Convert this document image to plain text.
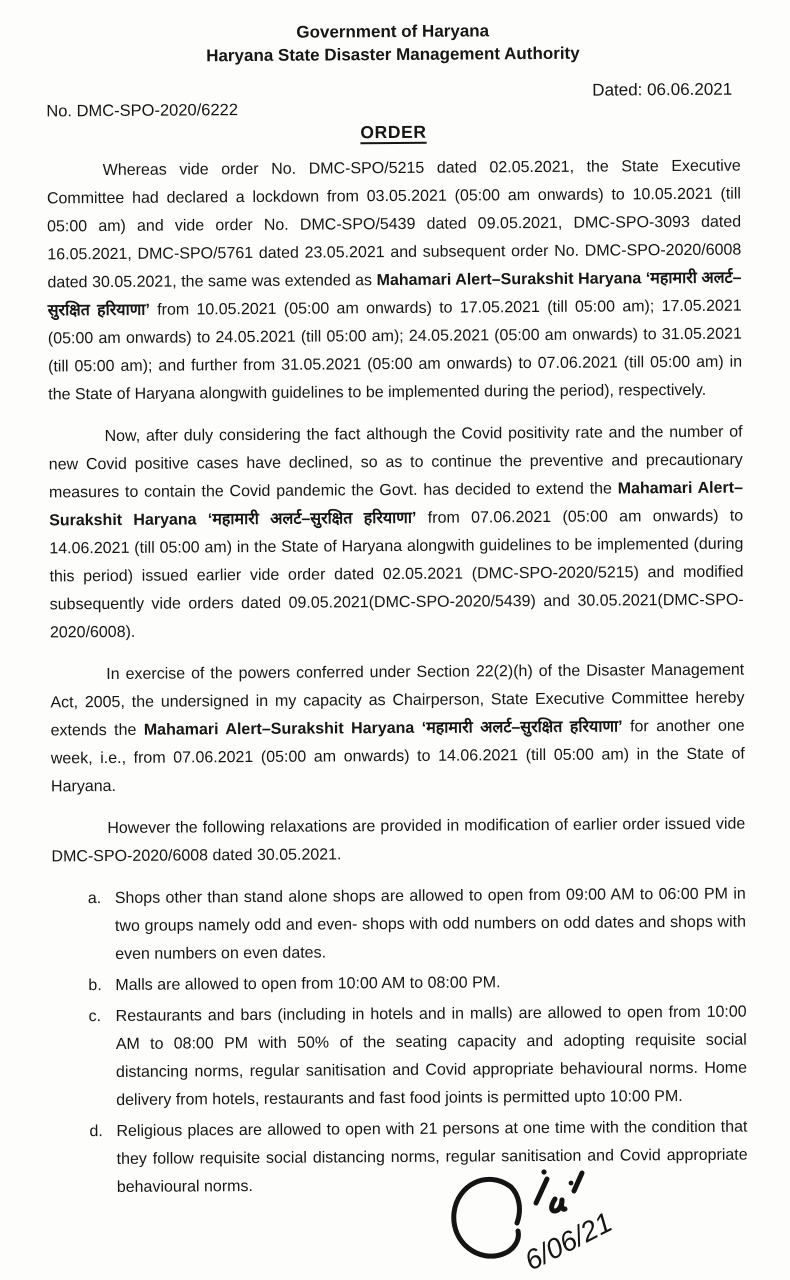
Government of Haryana
Haryana State Disaster Management Authority
No. DMC-SPO-2020/6222
Dated: 06.06.2021
ORDER

Whereas vide order No. DMC-SPO/5215 dated 02.05.2021, the State Executive Committee had declared a lockdown from 03.05.2021 (05:00 am onwards) to 10.05.2021 (till 05:00 am) and vide order No. DMC-SPO/5439 dated 09.05.2021, DMC-SPO-3093 dated 16.05.2021, DMC-SPO/5761 dated 23.05.2021 and subsequent order No. DMC-SPO-2020/6008 dated 30.05.2021, the same was extended as Mahamari Alert–Surakshit Haryana ‘महामारी अलर्ट–सुरक्षित हरियाणा’ from 10.05.2021 (05:00 am onwards) to 17.05.2021 (till 05:00 am); 17.05.2021 (05:00 am onwards) to 24.05.2021 (till 05:00 am); 24.05.2021 (05:00 am onwards) to 31.05.2021 (till 05:00 am); and further from 31.05.2021 (05:00 am onwards) to 07.06.2021 (till 05:00 am) in the State of Haryana alongwith guidelines to be implemented during the period), respectively.

Now, after duly considering the fact although the Covid positivity rate and the number of new Covid positive cases have declined, so as to continue the preventive and precautionary measures to contain the Covid pandemic the Govt. has decided to extend the Mahamari Alert–Surakshit Haryana ‘महामारी अलर्ट–सुरक्षित हरियाणा’ from 07.06.2021 (05:00 am onwards) to 14.06.2021 (till 05:00 am) in the State of Haryana alongwith guidelines to be implemented (during this period) issued earlier vide order dated 02.05.2021 (DMC-SPO-2020/5215) and modified subsequently vide orders dated 09.05.2021(DMC-SPO-2020/5439) and 30.05.2021(DMC-SPO-2020/6008).

In exercise of the powers conferred under Section 22(2)(h) of the Disaster Management Act, 2005, the undersigned in my capacity as Chairperson, State Executive Committee hereby extends the Mahamari Alert–Surakshit Haryana ‘महामारी अलर्ट–सुरक्षित हरियाणा’ for another one week, i.e., from 07.06.2021 (05:00 am onwards) to 14.06.2021 (till 05:00 am) in the State of Haryana.

However the following relaxations are provided in modification of earlier order issued vide DMC-SPO-2020/6008 dated 30.05.2021.

a. Shops other than stand alone shops are allowed to open from 09:00 AM to 06:00 PM in two groups namely odd and even- shops with odd numbers on odd dates and shops with even numbers on even dates.
b. Malls are allowed to open from 10:00 AM to 08:00 PM.
c. Restaurants and bars (including in hotels and in malls) are allowed to open from 10:00 AM to 08:00 PM with 50% of the seating capacity and adopting requisite social distancing norms, regular sanitisation and Covid appropriate behavioural norms. Home delivery from hotels, restaurants and fast food joints is permitted upto 10:00 PM.
d. Religious places are allowed to open with 21 persons at one time with the condition that they follow requisite social distancing norms, regular sanitisation and Covid appropriate behavioural norms.
6/06/21
